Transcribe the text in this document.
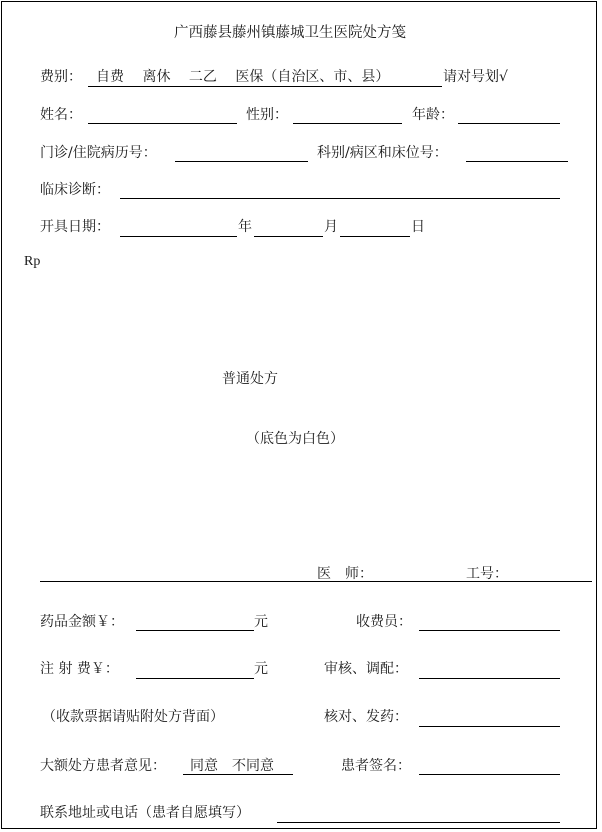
广西藤县藤州镇藤城卫生医院处方笺
费别： 自费　 离休 　二乙　 医保（自治区、市、县）	请对号划√
姓名：	性别：	年龄：
门诊/住院病历号：	科别/病区和床位号：
临床诊断：
开具日期：	年	月	日
Rp
普通处方
（底色为白色）
医　师：	工号：
药品金额￥：	元	收费员：
注 射 费￥：	元	审核、调配：
（收款票据请贴附处方背面）	核对、发药：
大额处方患者意见： 同意　不同意	患者签名：
联系地址或电话（患者自愿填写）
